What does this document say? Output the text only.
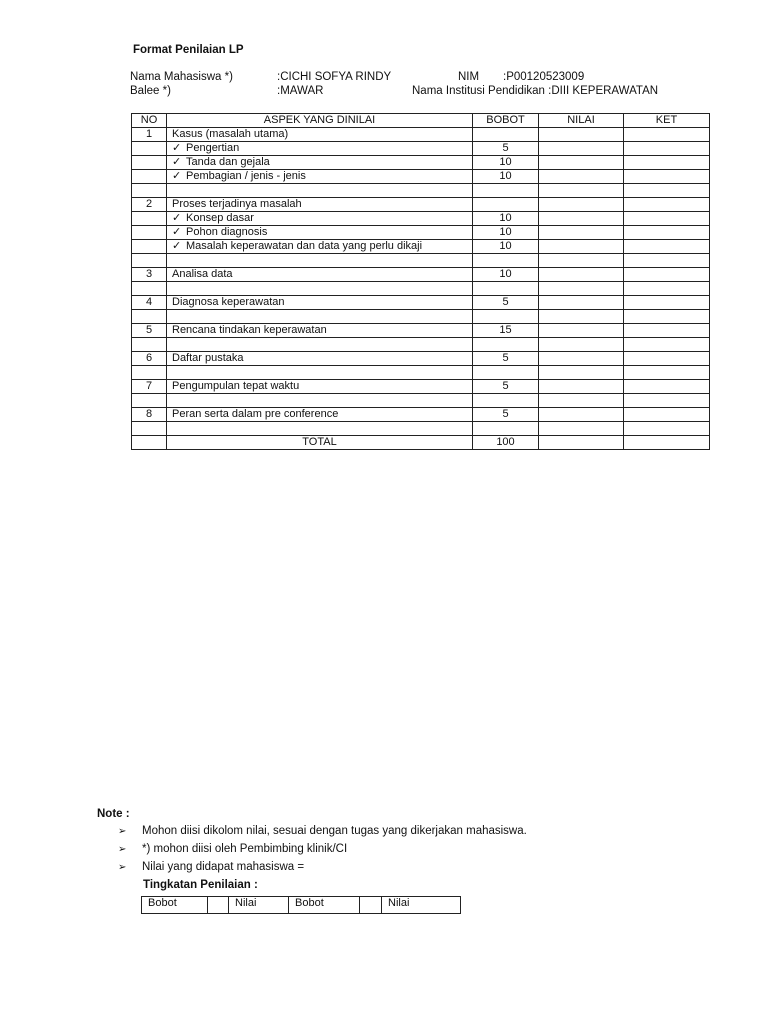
Format Penilaian LP
Nama Mahasiswa *)	:CICHI SOFYA RINDY	NIM :P00120523009
Balee *)	:MAWAR	Nama Institusi Pendidikan :DIII KEPERAWATAN
NO	ASPEK YANG DINILAI	BOBOT	NILAI	KET
1	Kasus (masalah utama)			
	✓ Pengertian	5		
	✓ Tanda dan gejala	10		
	✓ Pembagian / jenis - jenis	10		

2	Proses terjadinya masalah			
	✓ Konsep dasar	10		
	✓ Pohon diagnosis	10		
	✓ Masalah keperawatan dan data yang perlu dikaji	10		

3	Analisa data	10		

4	Diagnosa keperawatan	5		

5	Rencana tindakan keperawatan	15		

6	Daftar pustaka	5		

7	Pengumpulan tepat waktu	5		

8	Peran serta dalam pre conference	5		

	TOTAL	100		
Note :
➢ Mohon diisi dikolom nilai, sesuai dengan tugas yang dikerjakan mahasiswa.
➢ *) mohon diisi oleh Pembimbing klinik/CI
➢ Nilai yang didapat mahasiswa =
Tingkatan Penilaian :
Bobot		Nilai	Bobot		Nilai
